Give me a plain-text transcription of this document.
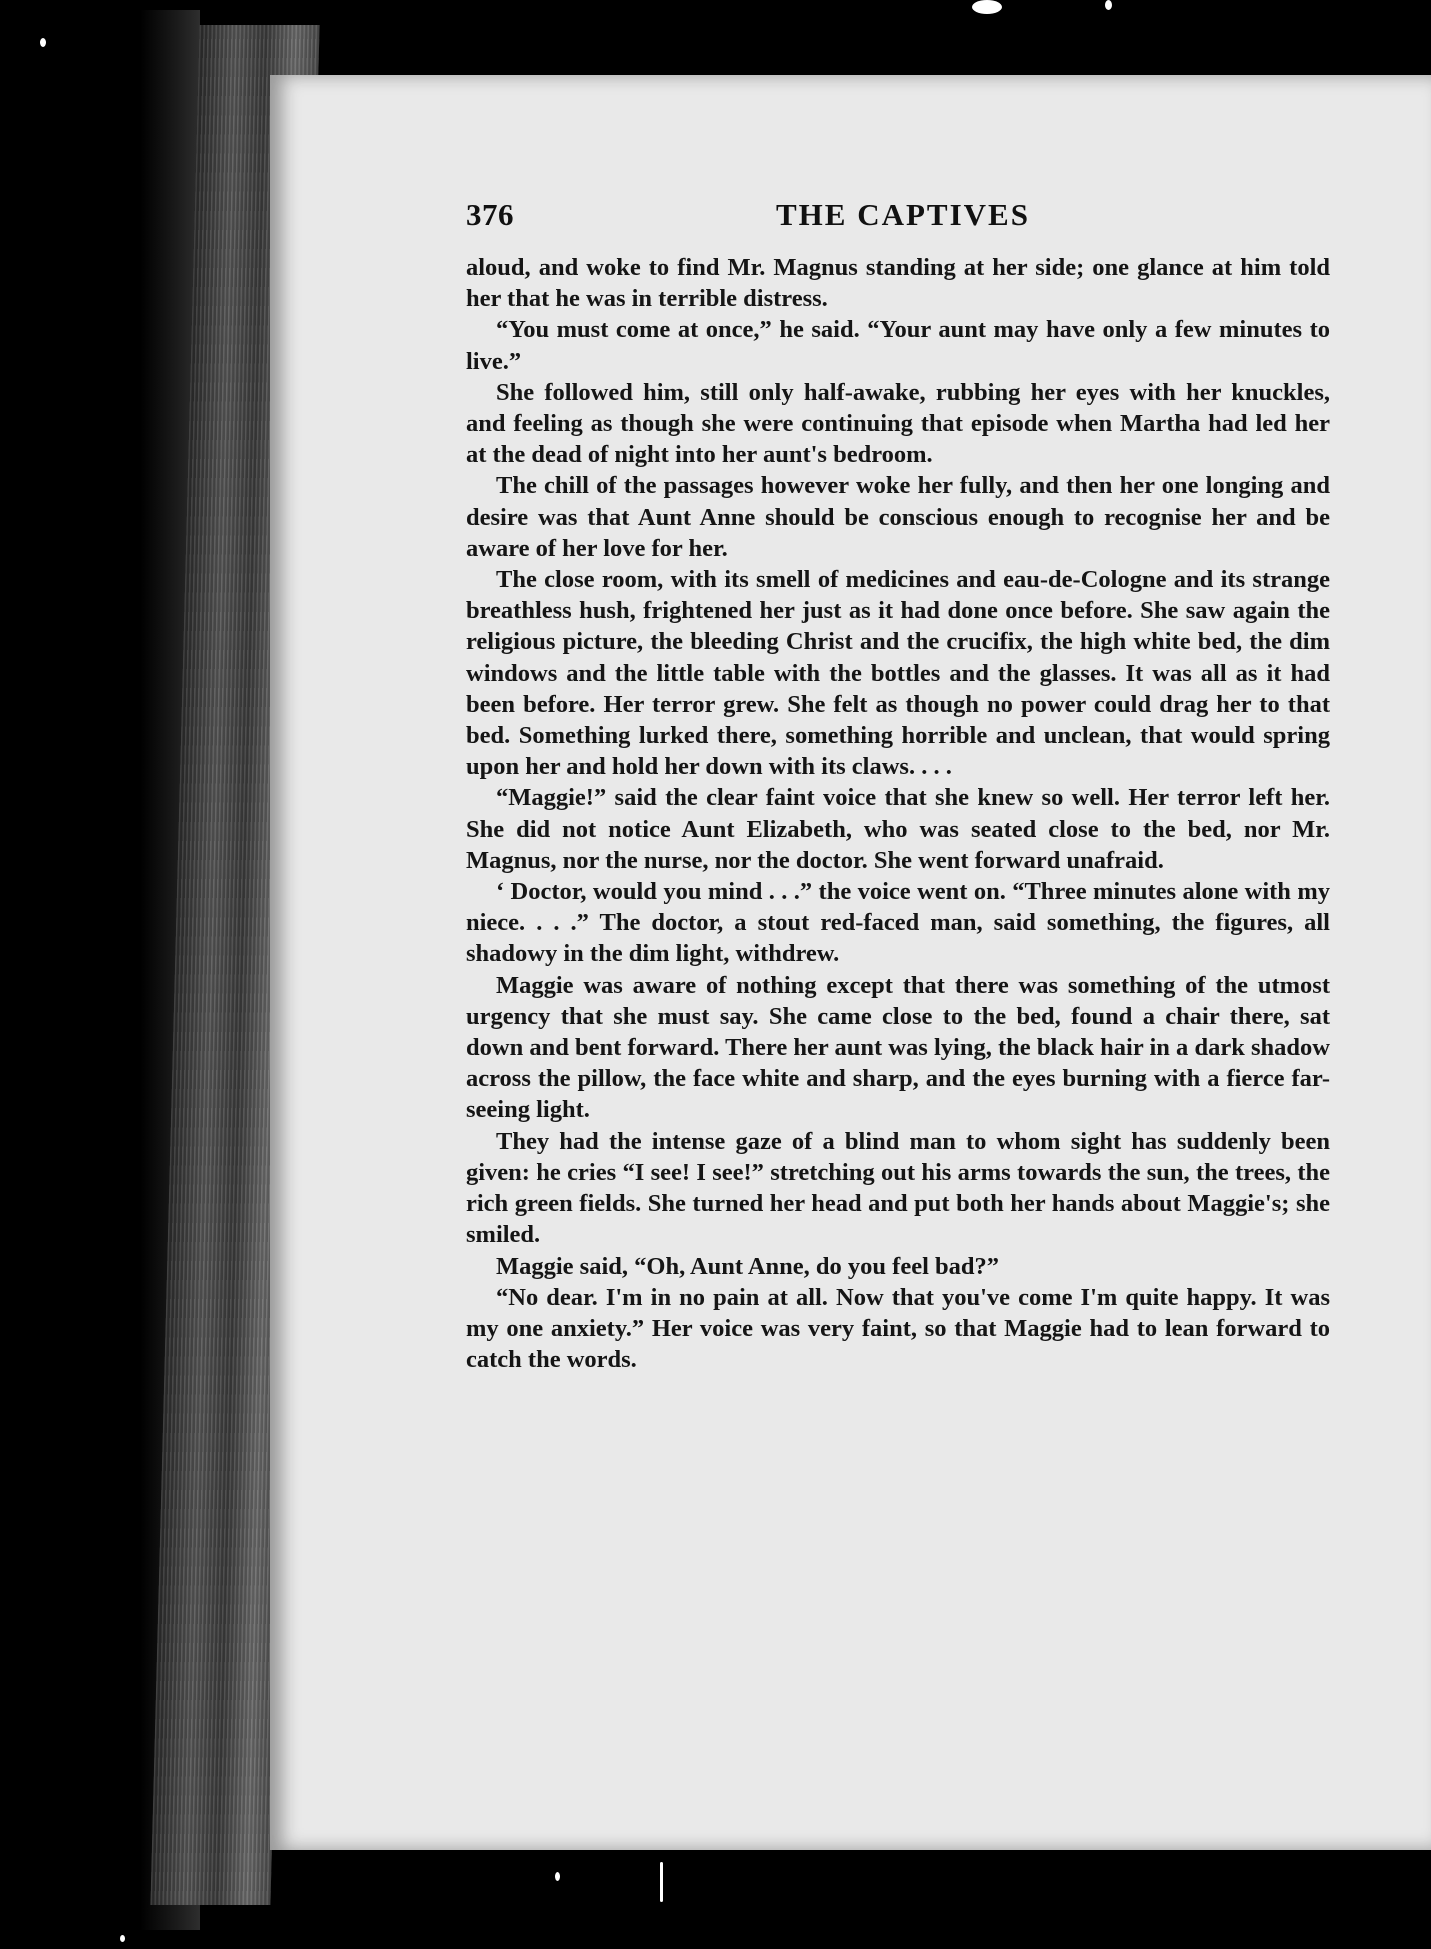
376	THE CAPTIVES

aloud, and woke to find Mr. Magnus standing at her side; one glance at him told her that he was in terrible distress.

“You must come at once,” he said. “Your aunt may have only a few minutes to live.”

She followed him, still only half-awake, rubbing her eyes with her knuckles, and feeling as though she were continuing that episode when Martha had led her at the dead of night into her aunt's bedroom.

The chill of the passages however woke her fully, and then her one longing and desire was that Aunt Anne should be conscious enough to recognise her and be aware of her love for her.

The close room, with its smell of medicines and eau-de-Cologne and its strange breathless hush, frightened her just as it had done once before. She saw again the religious picture, the bleeding Christ and the crucifix, the high white bed, the dim windows and the little table with the bottles and the glasses. It was all as it had been before. Her terror grew. She felt as though no power could drag her to that bed. Something lurked there, something horrible and unclean, that would spring upon her and hold her down with its claws. . . .

“Maggie!” said the clear faint voice that she knew so well. Her terror left her. She did not notice Aunt Elizabeth, who was seated close to the bed, nor Mr. Magnus, nor the nurse, nor the doctor. She went forward unafraid.

‘ Doctor, would you mind . . .” the voice went on. “Three minutes alone with my niece. . . .” The doctor, a stout red-faced man, said something, the figures, all shadowy in the dim light, withdrew.

Maggie was aware of nothing except that there was something of the utmost urgency that she must say. She came close to the bed, found a chair there, sat down and bent forward. There her aunt was lying, the black hair in a dark shadow across the pillow, the face white and sharp, and the eyes burning with a fierce far-seeing light.

They had the intense gaze of a blind man to whom sight has suddenly been given: he cries “I see! I see!” stretching out his arms towards the sun, the trees, the rich green fields. She turned her head and put both her hands about Maggie's; she smiled.

Maggie said, “Oh, Aunt Anne, do you feel bad?”

“No dear. I'm in no pain at all. Now that you've come I'm quite happy. It was my one anxiety.” Her voice was very faint, so that Maggie had to lean forward to catch the words.
